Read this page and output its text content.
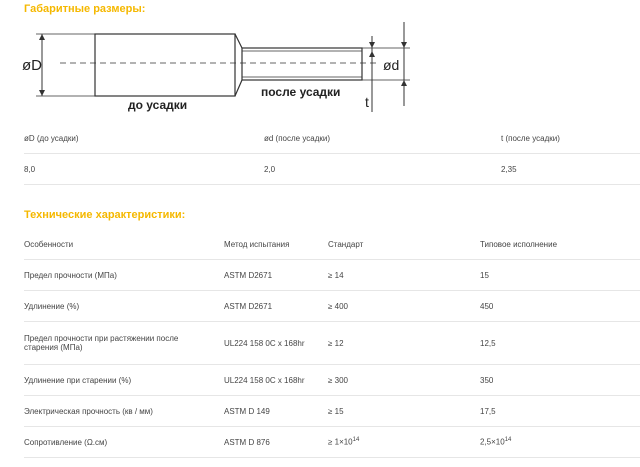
Габаритные размеры:
øD	ød
t
до усадки
после усадки
øD (до усадки)	ød (после усадки)	t (после усадки)
8,0	2,0	2,35
Технические характеристики:
Особенности	Метод испытания	Стандарт	Типовое исполнение
Предел прочности (МПа)	ASTM D2671	≥ 14	15
Удлинение (%)	ASTM D2671	≥ 400	450
Предел прочности при растяжении после старения (МПа)	UL224 158 0C x 168hr	≥ 12	12,5
Удлинение при старении (%)	UL224 158 0C x 168hr	≥ 300	350
Электрическая прочность (кв / мм)	ASTM D 149	≥ 15	17,5
Сопротивление (Ω.см)	ASTM D 876	≥ $1\times 10^{14}$	$2,5\times 10^{14}$
